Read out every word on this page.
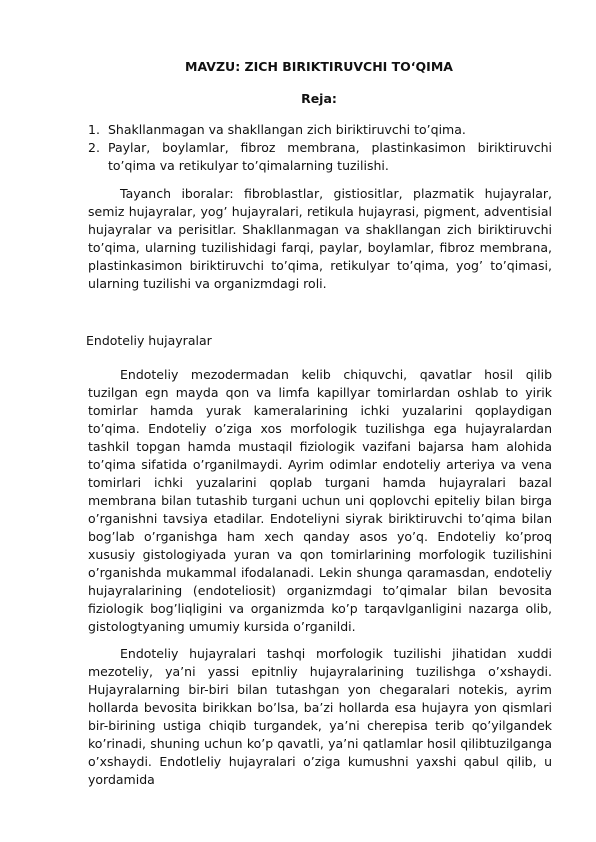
MAVZU: ZICH BIRIKTIRUVCHI TO‘QIMA
Reja:
1. Shakllanmagan va shakllangan zich biriktiruvchi to’qima.
2. Paylar, boylamlar, fibroz membrana, plastinkasimon biriktiruvchi to’qima va retikulyar to’qimalarning tuzilishi.

Tayanch iboralar: fibroblastlar, gistiositlar, plazmatik hujayralar, semiz hujayralar, yog’ hujayralari, retikula hujayrasi, pigment, adventisial hujayralar va perisitlar. Shakllanmagan va shakllangan zich biriktiruvchi to’qima, ularning tuzilishidagi farqi, paylar, boylamlar, fibroz membrana, plastinkasimon biriktiruvchi to’qima, retikulyar to’qima, yog’ to’qimasi, ularning tuzilishi va organizmdagi roli.

Endoteliy hujayralar

Endoteliy mezodermadan kelib chiquvchi, qavatlar hosil qilib tuzilgan egn mayda qon va limfa kapillyar tomirlardan oshlab to yirik tomirlar hamda yurak kameralarining ichki yuzalarini qoplaydigan to’qima. Endoteliy o’ziga xos morfologik tuzilishga ega hujayralardan tashkil topgan hamda mustaqil fiziologik vazifani bajarsa ham alohida to’qima sifatida o’rganilmaydi. Ayrim odimlar endoteliy arteriya va vena tomirlari ichki yuzalarini qoplab turgani hamda hujayralari bazal membrana bilan tutashib turgani uchun uni qoplovchi epiteliy bilan birga o’rganishni tavsiya etadilar. Endoteliyni siyrak biriktiruvchi to’qima bilan bog’lab o’rganishga ham xech qanday asos yo’q. Endoteliy ko’proq xususiy gistologiyada yuran va qon tomirlarining morfologik tuzilishini o’rganishda mukammal ifodalanadi. Lekin shunga qaramasdan, endoteliy hujayralarining (endoteliosit) organizmdagi to’qimalar bilan bevosita fiziologik bog’liqligini va organizmda ko’p tarqavlganligini nazarga olib, gistologtyaning umumiy kursida o’rganildi.

Endoteliy hujayralari tashqi morfologik tuzilishi jihatidan xuddi mezoteliy, ya’ni yassi epitnliy hujayralarining tuzilishga o’xshaydi. Hujayralarning bir-biri bilan tutashgan yon chegaralari notekis, ayrim hollarda bevosita birikkan bo’lsa, ba’zi hollarda esa hujayra yon qismlari bir-birining ustiga chiqib turgandek, ya’ni cherepisa terib qo’yilgandek ko’rinadi, shuning uchun ko’p qavatli, ya’ni qatlamlar hosil qilibtuzilganga o’xshaydi. Endotleliy hujayralari o’ziga kumushni yaxshi qabul qilib, u yordamida
